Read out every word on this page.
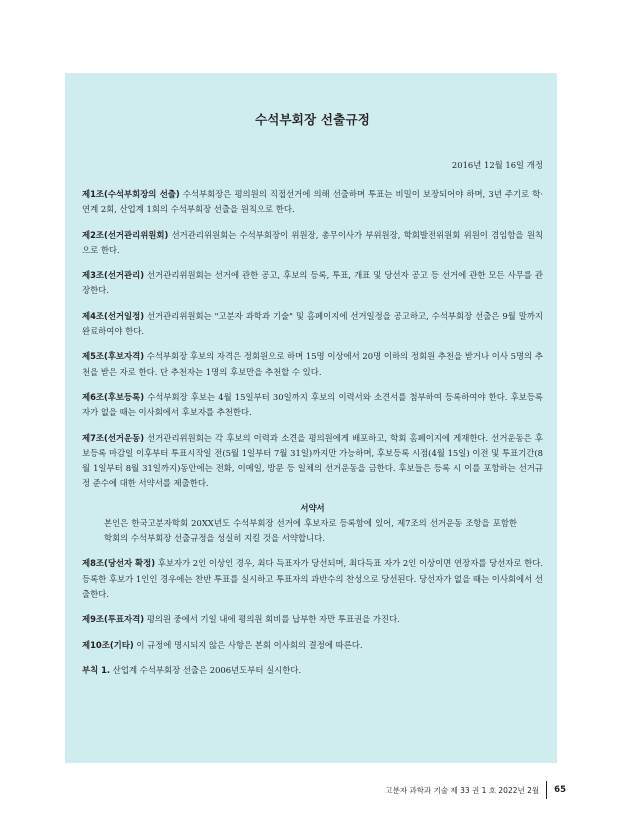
수석부회장 선출규정

2016년 12월 16일 개정

제1조(수석부회장의 선출) 수석부회장은 평의원의 직접선거에 의해 선출하며 투표는 비밀이 보장되어야 하며, 3년 주기로 학·연계 2회, 산업계 1회의 수석부회장 선출을 원칙으로 한다.

제2조(선거관리위원회) 선거관리위원회는 수석부회장이 위원장, 총무이사가 부위원장, 학회발전위원회 위원이 겸임함을 원칙으로 한다.

제3조(선거관리) 선거관리위원회는 선거에 관한 공고, 후보의 등록, 투표, 개표 및 당선자 공고 등 선거에 관한 모든 사무를 관장한다.

제4조(선거일정) 선거관리위원회는 "고분자 과학과 기술" 및 홈페이지에 선거일정을 공고하고, 수석부회장 선출은 9월 말까지 완료하여야 한다.

제5조(후보자격) 수석부회장 후보의 자격은 정회원으로 하며 15명 이상에서 20명 이하의 정회원 추천을 받거나 이사 5명의 추천을 받은 자로 한다. 단 추천자는 1명의 후보만을 추천할 수 있다.

제6조(후보등록) 수석부회장 후보는 4월 15일부터 30일까지 후보의 이력서와 소견서를 첨부하여 등록하여야 한다. 후보등록자가 없을 때는 이사회에서 후보자를 추천한다.

제7조(선거운동) 선거관리위원회는 각 후보의 이력과 소견을 평의원에게 배포하고, 학회 홈페이지에 게재한다. 선거운동은 후보등록 마감일 이후부터 투표시작일 전(5월 1일부터 7월 31일)까지만 가능하며, 후보등록 시점(4월 15일) 이전 및 투표기간(8월 1일부터 8월 31일까지)동안에는 전화, 이메일, 방문 등 일체의 선거운동을 금한다. 후보들은 등록 시 이를 포함하는 선거규정 준수에 대한 서약서를 제출한다.

서약서

본인은 한국고분자학회 20XX년도 수석부회장 선거에 후보자로 등록함에 있어, 제7조의 선거운동 조항을 포함한 학회의 수석부회장 선출규정을 성실히 지킬 것을 서약합니다.

제8조(당선자 확정) 후보자가 2인 이상인 경우, 최다 득표자가 당선되며, 최다득표 자가 2인 이상이면 연장자를 당선자로 한다. 등록한 후보가 1인인 경우에는 찬반 투표를 실시하고 투표자의 과반수의 찬성으로 당선된다. 당선자가 없을 때는 이사회에서 선출한다.

제9조(투표자격) 평의원 중에서 기일 내에 평의원 회비를 납부한 자만 투표권을 가진다.

제10조(기타) 이 규정에 명시되지 않은 사항은 본회 이사회의 결정에 따른다.

부칙 1. 산업계 수석부회장 선출은 2006년도부터 실시한다.

고분자 과학과 기술 제 33 권 1 호 2022년 2월	65
